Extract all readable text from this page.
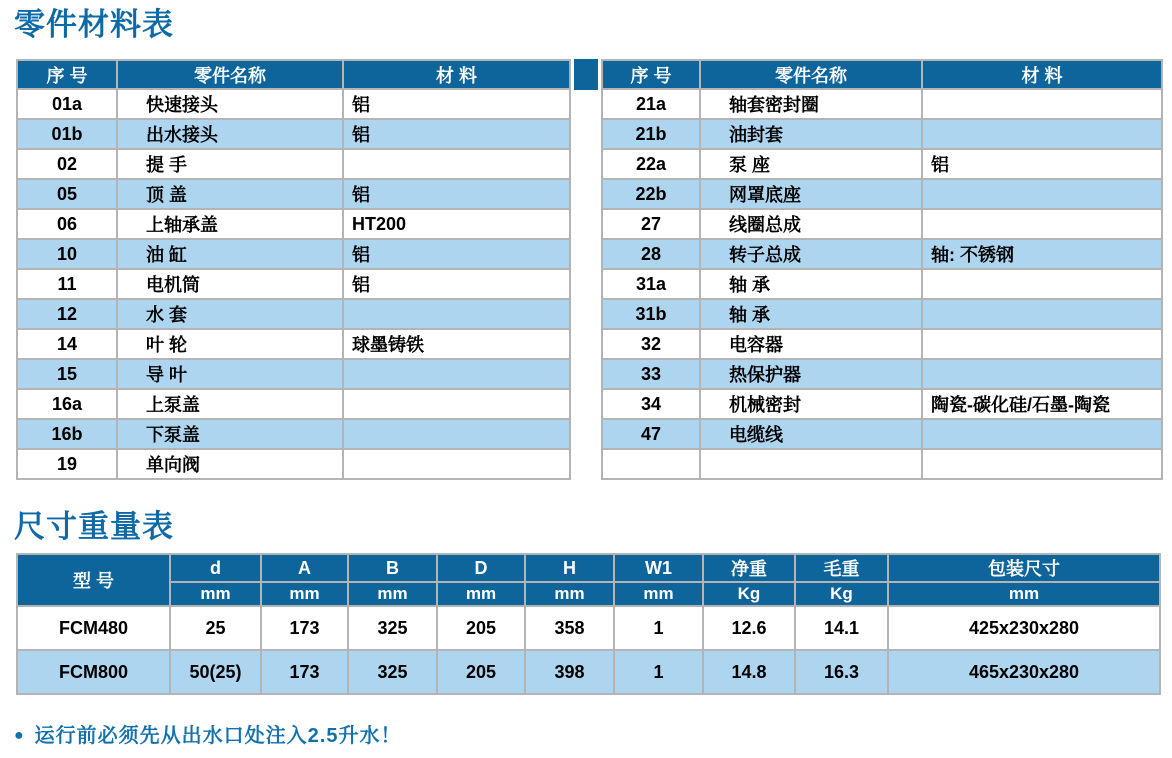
零件材料表
序 号	零件名称	材 料
01a	快速接头	铝
01b	出水接头	铝
02	提 手	
05	顶 盖	铝
06	上轴承盖	HT200
10	油 缸	铝
11	电机筒	铝
12	水 套	
14	叶 轮	球墨铸铁
15	导 叶	
16a	上泵盖	
16b	下泵盖	
19	单向阀	
序 号	零件名称	材 料
21a	轴套密封圈	
21b	油封套	
22a	泵 座	铝
22b	网罩底座	
27	线圈总成	
28	转子总成	轴: 不锈钢
31a	轴 承	
31b	轴 承	
32	电容器	
33	热保护器	
34	机械密封	陶瓷-碳化硅/石墨-陶瓷
47	电缆线	

尺寸重量表
型 号	d	A	B	D	H	W1	净重	毛重	包装尺寸
	mm	mm	mm	mm	mm	mm	Kg	Kg	mm
FCM480	25	173	325	205	358	1	12.6	14.1	425x230x280
FCM800	50(25)	173	325	205	398	1	14.8	16.3	465x230x280

● 运行前必须先从出水口处注入2.5升水！
